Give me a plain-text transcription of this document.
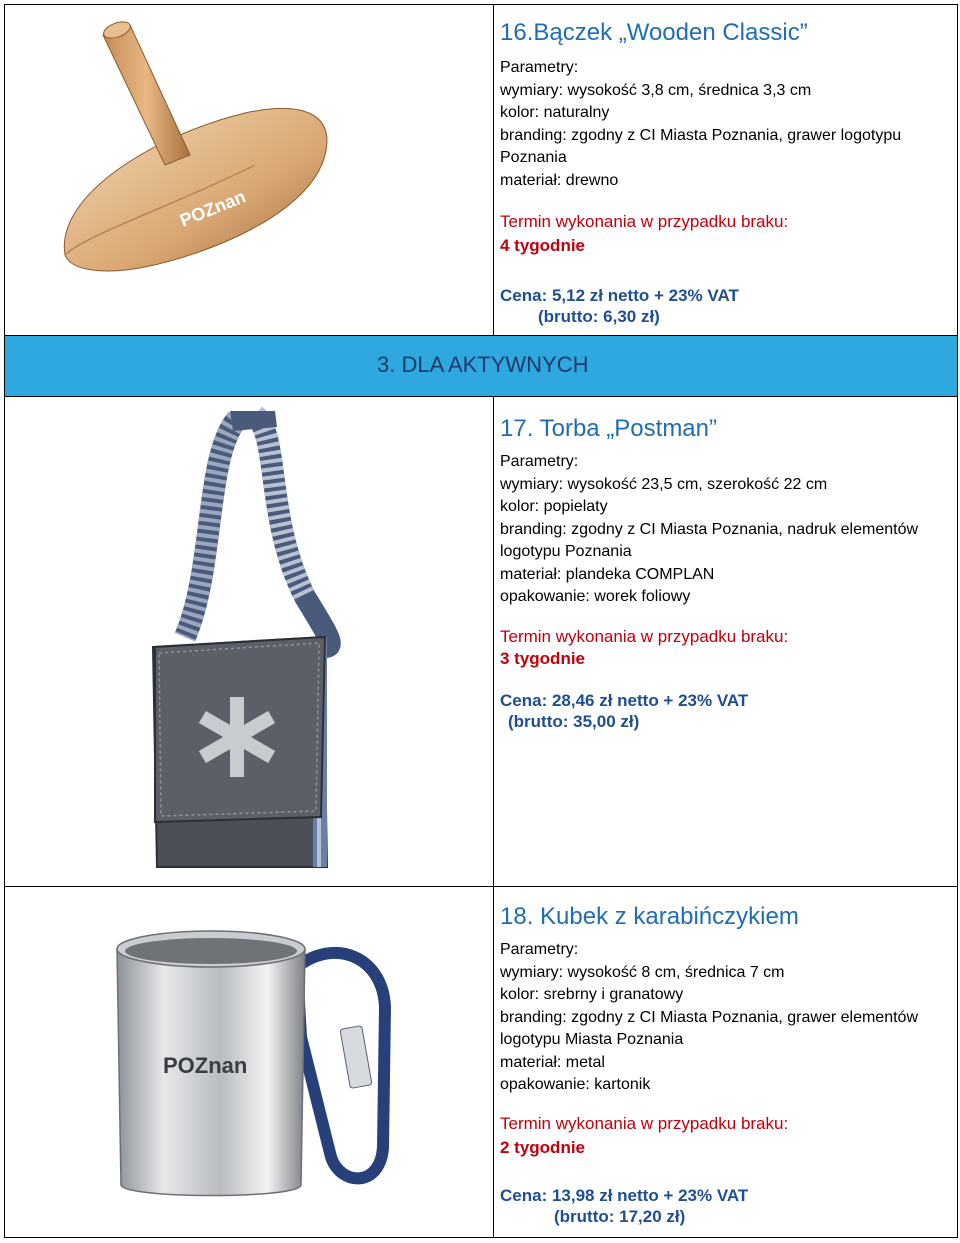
POZnan
16.Bączek „Wooden Classic”
Parametry:
wymiary: wysokość 3,8 cm, średnica 3,3 cm
kolor: naturalny
branding: zgodny z CI Miasta Poznania, grawer logotypu
Poznania
materiał: drewno
Termin wykonania w przypadku braku:
4 tygodnie
Cena: 5,12 zł netto + 23% VAT
(brutto: 6,30 zł)
3. DLA AKTYWNYCH
17. Torba „Postman”
Parametry:
wymiary: wysokość 23,5 cm, szerokość 22 cm
kolor: popielaty
branding: zgodny z CI Miasta Poznania, nadruk elementów
logotypu Poznania
materiał: plandeka COMPLAN
opakowanie: worek foliowy
Termin wykonania w przypadku braku:
3 tygodnie
Cena: 28,46 zł netto + 23% VAT
(brutto: 35,00 zł)
POZnan
18. Kubek z karabińczykiem
Parametry:
wymiary: wysokość 8 cm, średnica 7 cm
kolor: srebrny i granatowy
branding: zgodny z CI Miasta Poznania, grawer elementów
logotypu Miasta Poznania
materiał: metal
opakowanie: kartonik
Termin wykonania w przypadku braku:
2 tygodnie
Cena: 13,98 zł netto + 23% VAT
(brutto: 17,20 zł)
